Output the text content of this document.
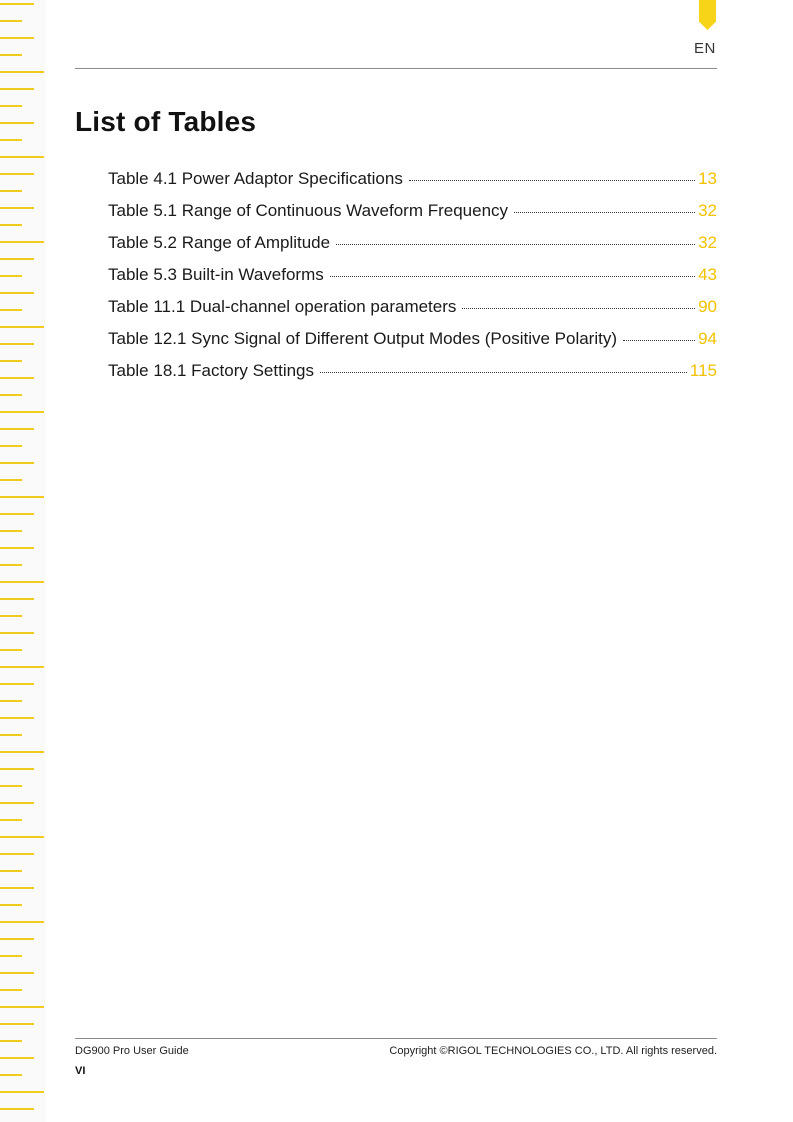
EN
List of Tables
Table 4.1 Power Adaptor Specifications	13
Table 5.1 Range of Continuous Waveform Frequency	32
Table 5.2 Range of Amplitude	32
Table 5.3 Built-in Waveforms	43
Table 11.1 Dual-channel operation parameters	90
Table 12.1 Sync Signal of Different Output Modes (Positive Polarity)	94
Table 18.1 Factory Settings	115
DG900 Pro User Guide	Copyright ©RIGOL TECHNOLOGIES CO., LTD. All rights reserved.
VI
